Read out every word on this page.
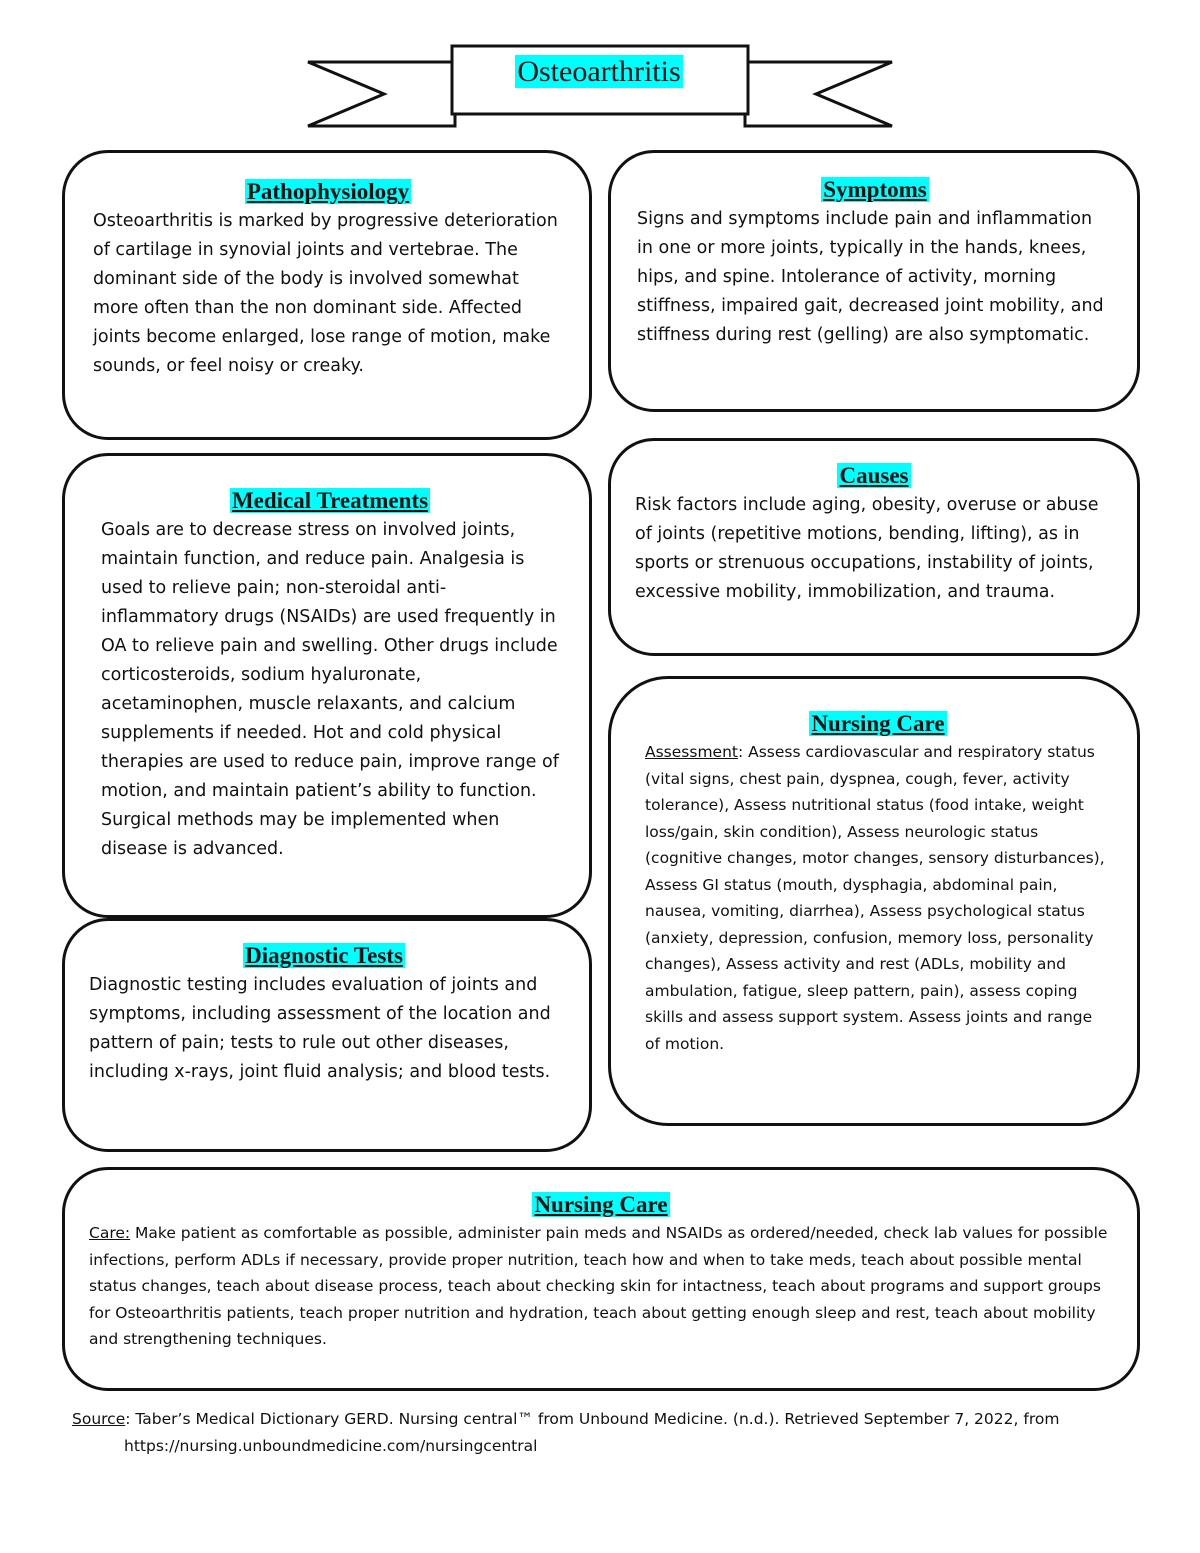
Osteoarthritis
Pathophysiology

Osteoarthritis is marked by progressive deterioration of cartilage in synovial joints and vertebrae. The dominant side of the body is involved somewhat more often than the non dominant side. Affected joints become enlarged, lose range of motion, make sounds, or feel noisy or creaky.

Symptoms

Signs and symptoms include pain and inflammation in one or more joints, typically in the hands, knees, hips, and spine. Intolerance of activity, morning stiffness, impaired gait, decreased joint mobility, and stiffness during rest (gelling) are also symptomatic.

Medical Treatments

Goals are to decrease stress on involved joints, maintain function, and reduce pain. Analgesia is used to relieve pain; non-steroidal anti-inflammatory drugs (NSAIDs) are used frequently in OA to relieve pain and swelling. Other drugs include corticosteroids, sodium hyaluronate, acetaminophen, muscle relaxants, and calcium supplements if needed. Hot and cold physical therapies are used to reduce pain, improve range of motion, and maintain patient’s ability to function. Surgical methods may be implemented when disease is advanced.

Causes

Risk factors include aging, obesity, overuse or abuse of joints (repetitive motions, bending, lifting), as in sports or strenuous occupations, instability of joints, excessive mobility, immobilization, and trauma.

Nursing Care

Assessment: Assess cardiovascular and respiratory status (vital signs, chest pain, dyspnea, cough, fever, activity tolerance), Assess nutritional status (food intake, weight loss/gain, skin condition), Assess neurologic status (cognitive changes, motor changes, sensory disturbances), Assess GI status (mouth, dysphagia, abdominal pain, nausea, vomiting, diarrhea), Assess psychological status (anxiety, depression, confusion, memory loss, personality changes), Assess activity and rest (ADLs, mobility and ambulation, fatigue, sleep pattern, pain), assess coping skills and assess support system. Assess joints and range of motion.

Diagnostic Tests

Diagnostic testing includes evaluation of joints and symptoms, including assessment of the location and pattern of pain; tests to rule out other diseases, including x-rays, joint fluid analysis; and blood tests.

Nursing Care

Care: Make patient as comfortable as possible, administer pain meds and NSAIDs as ordered/needed, check lab values for possible infections, perform ADLs if necessary, provide proper nutrition, teach how and when to take meds, teach about possible mental status changes, teach about disease process, teach about checking skin for intactness, teach about programs and support groups for Osteoarthritis patients, teach proper nutrition and hydration, teach about getting enough sleep and rest, teach about mobility and strengthening techniques.

Source: Taber’s Medical Dictionary GERD. Nursing central™ from Unbound Medicine. (n.d.). Retrieved September 7, 2022, from https://nursing.unboundmedicine.com/nursingcentral
